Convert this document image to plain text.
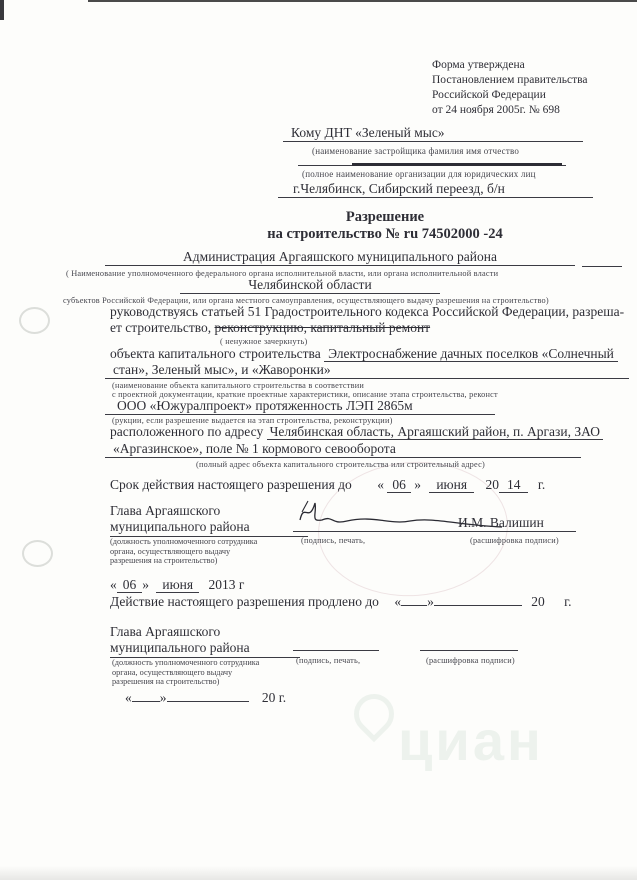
циан
Форма утверждена
Постановлением правительства
Российской Федерации
от 24 ноября 2005г. № 698
Кому ДНТ «Зеленый мыс»
(наименование застройщика фамилия имя отчество
(полное наименование организации для юридических лиц
г.Челябинск, Сибирский переезд, б/н
Разрешение
на строительство № ru 74502000 -24
Администрация Аргаяшского муниципального района
( Наименование уполномоченного федерального органа исполнительной власти, или органа исполнительной власти
Челябинской области
субъектов Российской Федерации, или органа местного самоуправления, осуществляющего выдачу разрешения на строительство)
руководствуясь статьей 51 Градостроительного кодекса Российской Федерации, разреша-
ет строительство, реконструкцию, капитальный ремонт
( ненужное зачеркнуть)
объекта капитального строительства Электроснабжение дачных поселков «Солнечный
стан», Зеленый мыс», и «Жаворонки»
(наименование объекта капитального строительства в соответствии
с проектной документации, краткие проектные характеристики, описание этапа строительства, реконст
ООО «Южуралпроект» протяженность ЛЭП 2865м
(рукции, если разрешение выдается на этап строительства, реконструкции)
расположенного по адресу Челябинская область, Аргаяшский район, п. Аргази, ЗАО
«Аргазинское», поле № 1 кормового севооборота
(полный адрес объекта капитального строительства или строительный адрес)
Срок действия настоящего разрешения до « 06 » июня 20 14 г.
Глава Аргаяшского
муниципального района
(должность уполномоченного сотрудника
органа, осуществляющего выдачу
разрешения на строительство)
(подпись, печать,
И.М. Валишин
(расшифровка подписи)
« 06 » июня 2013 г
Действие настоящего разрешения продлено до « »	20 г.
Глава Аргаяшского
муниципального района
(должность уполномоченного сотрудника
органа, осуществляющего выдачу
разрешения на строительство)
(подпись, печать,	(расшифровка подписи)
« »	20 г.
